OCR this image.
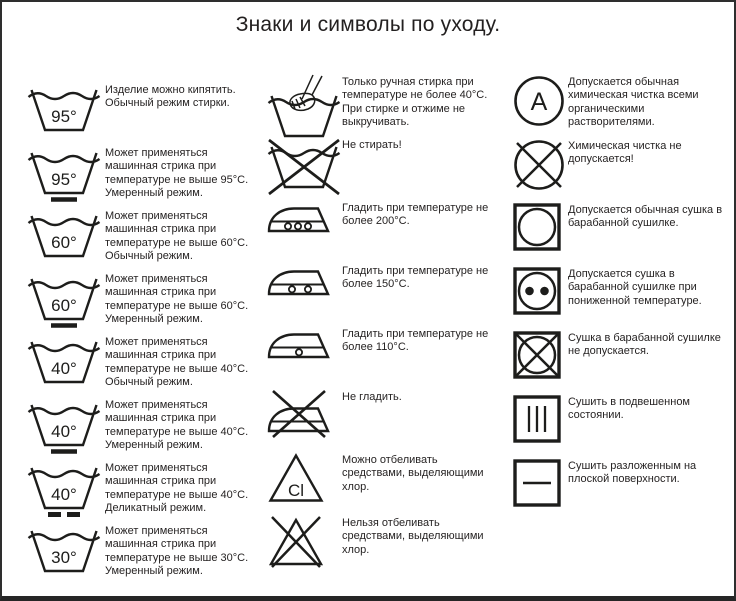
Знаки и символы по уходу.
95°
Изделие можно кипятить. Обычный режим стирки.
95°
Может применяться машинная стрика при температуре не выше 95°C. Умеренный режим.
60°
Может применяться машинная стрика при температуре не выше 60°C. Обычный режим.
60°
Может применяться машинная стрика при температуре не выше 60°C. Умеренный режим.
40°
Может применяться машинная стрика при температуре не выше 40°C. Обычный режим.
40°
Может применяться машинная стрика при температуре не выше 40°C. Умеренный режим.
40°
Может применяться машинная стрика при температуре не выше 40°C. Деликатный режим.
30°
Может применяться машинная стрика при температуре не выше 30°C. Умеренный режим.
Только ручная стирка при температуре не более 40°C. При стирке и отжиме не выкручивать.
Не стирать!
Гладить при температуре не более 200°C.
Гладить при температуре не более 150°C.
Гладить при температуре не более 110°C.
Не гладить.
Cl
Можно отбеливать средствами, выделяющими хлор.
Нельзя отбеливать средствами, выделяющими хлор.
A
Допускается обычная химическая чистка всеми органическими растворителями.
Химическая чистка не допускается!
Допускается обычная сушка в барабанной сушилке.
Допускается сушка в барабанной сушилке при пониженной температуре.
Сушка в барабанной сушилке не допускается.
Сушить в подвешенном состоянии.
Сушить разложенным на плоской поверхности.
